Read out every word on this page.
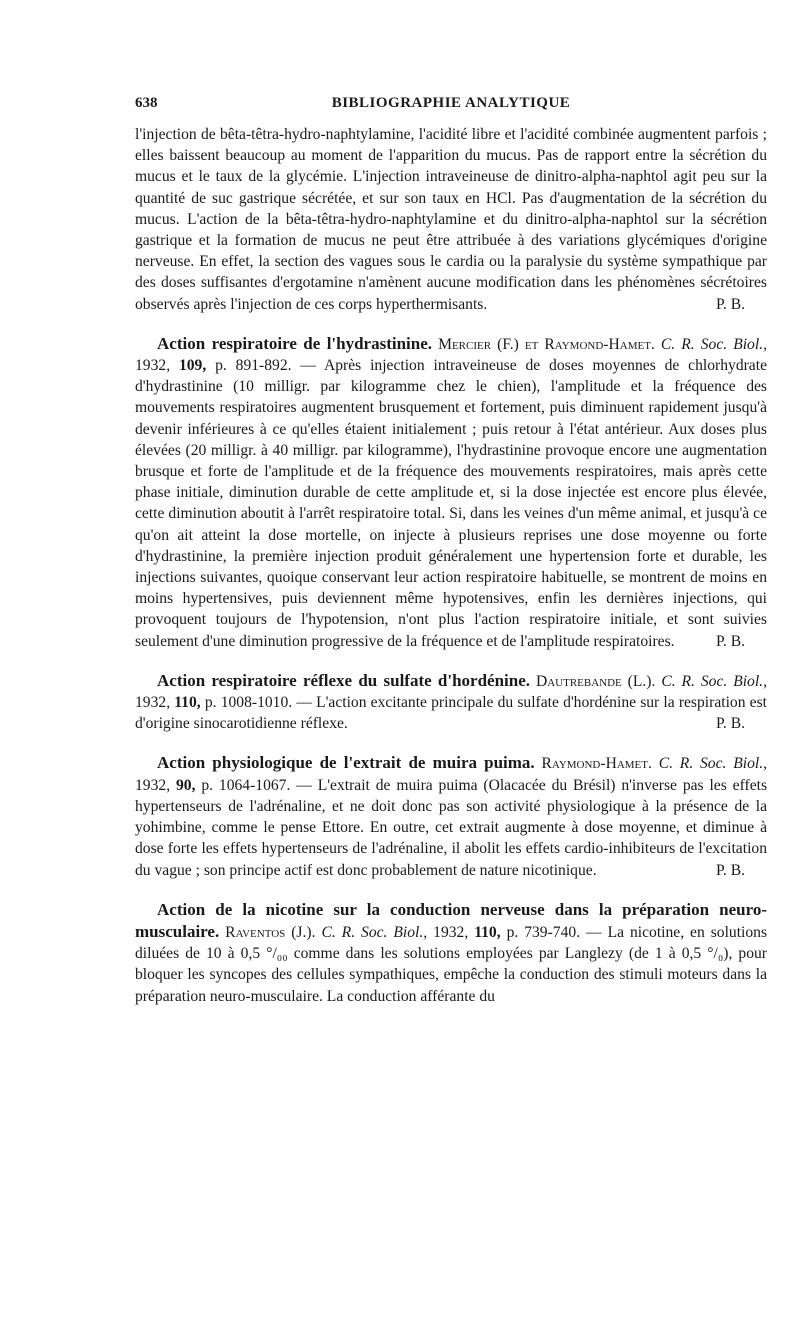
638	BIBLIOGRAPHIE ANALYTIQUE

l'injection de bêta-têtra-hydro-naphtylamine, l'acidité libre et l'acidité combinée augmentent parfois ; elles baissent beaucoup au moment de l'apparition du mucus. Pas de rapport entre la sécrétion du mucus et le taux de la glycémie. L'injection intraveineuse de dinitro-alpha-naphtol agit peu sur la quantité de suc gastrique sécrétée, et sur son taux en HCl. Pas d'augmentation de la sécrétion du mucus. L'action de la bêta-têtra-hydro-naphtylamine et du dinitro-alpha-naphtol sur la sécrétion gastrique et la formation de mucus ne peut être attribuée à des variations glycémiques d'origine nerveuse. En effet, la section des vagues sous le cardia ou la paralysie du système sympathique par des doses suffisantes d'ergotamine n'amènent aucune modification dans les phénomènes sécrétoires observés après l'injection de ces corps hyperthermisants.	P. B.

Action respiratoire de l'hydrastinine. Mercier (F.) et Raymond-Hamet. C. R. Soc. Biol., 1932, 109, p. 891-892. — Après injection intraveineuse de doses moyennes de chlorhydrate d'hydrastinine (10 milligr. par kilogramme chez le chien), l'amplitude et la fréquence des mouvements respiratoires augmentent brusquement et fortement, puis diminuent rapidement jusqu'à devenir inférieures à ce qu'elles étaient initialement ; puis retour à l'état antérieur. Aux doses plus élevées (20 milligr. à 40 milligr. par kilogramme), l'hydrastinine provoque encore une augmentation brusque et forte de l'amplitude et de la fréquence des mouvements respiratoires, mais après cette phase initiale, diminution durable de cette amplitude et, si la dose injectée est encore plus élevée, cette diminution aboutit à l'arrêt respiratoire total. Si, dans les veines d'un même animal, et jusqu'à ce qu'on ait atteint la dose mortelle, on injecte à plusieurs reprises une dose moyenne ou forte d'hydrastinine, la première injection produit généralement une hypertension forte et durable, les injections suivantes, quoique conservant leur action respiratoire habituelle, se montrent de moins en moins hypertensives, puis deviennent même hypotensives, enfin les dernières injections, qui provoquent toujours de l'hypotension, n'ont plus l'action respiratoire initiale, et sont suivies seulement d'une diminution progressive de la fréquence et de l'amplitude respiratoires.	P. B.

Action respiratoire réflexe du sulfate d'hordénine. Dautrebande (L.). C. R. Soc. Biol., 1932, 110, p. 1008-1010. — L'action excitante principale du sulfate d'hordénine sur la respiration est d'origine sinocarotidienne réflexe.	P. B.

Action physiologique de l'extrait de muira puima. Raymond-Hamet. C. R. Soc. Biol., 1932, 90, p. 1064-1067. — L'extrait de muira puima (Olacacée du Brésil) n'inverse pas les effets hypertenseurs de l'adrénaline, et ne doit donc pas son activité physiologique à la présence de la yohimbine, comme le pense Ettore. En outre, cet extrait augmente à dose moyenne, et diminue à dose forte les effets hypertenseurs de l'adrénaline, il abolit les effets cardio-inhibiteurs de l'excitation du vague ; son principe actif est donc probablement de nature nicotinique.	P. B.

Action de la nicotine sur la conduction nerveuse dans la préparation neuro-musculaire. Raventos (J.). C. R. Soc. Biol., 1932, 110, p. 739-740. — La nicotine, en solutions diluées de 10 à 0,5 °/₀₀ comme dans les solutions employées par Langlezy (de 1 à 0,5 °/₀), pour bloquer les syncopes des cellules sympathiques, empêche la conduction des stimuli moteurs dans la préparation neuro-musculaire. La conduction afférante du
